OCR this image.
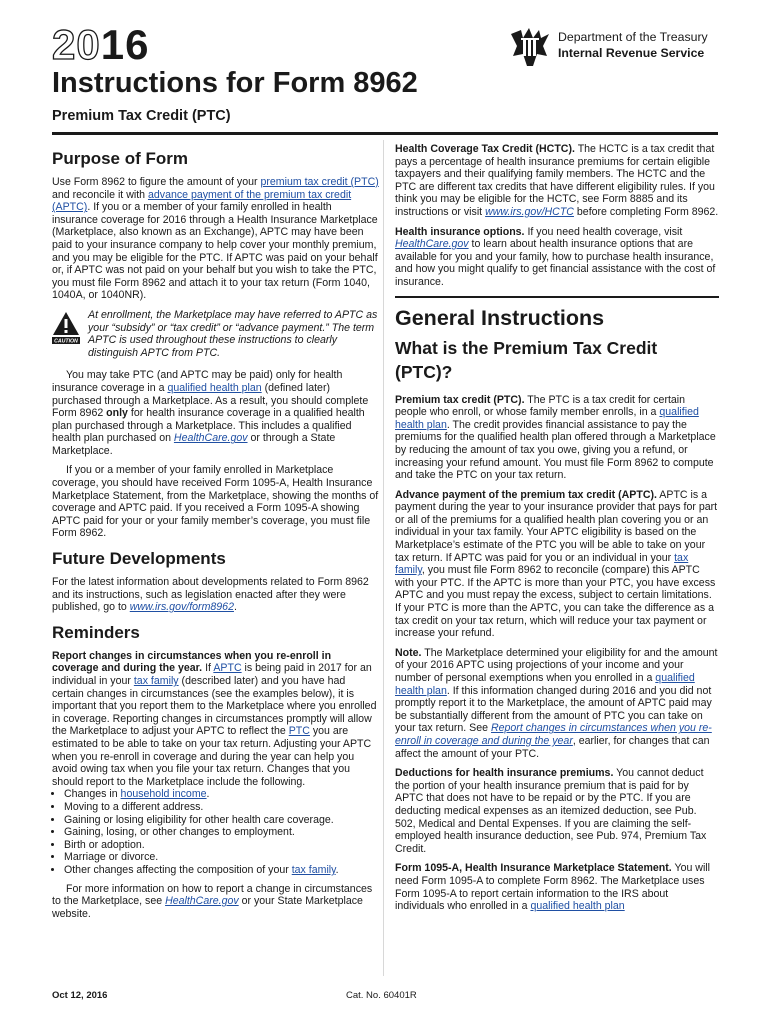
2016
Instructions for Form 8962
Premium Tax Credit (PTC)
Department of the Treasury
Internal Revenue Service
Purpose of Form

Use Form 8962 to figure the amount of your premium tax credit (PTC) and reconcile it with advance payment of the premium tax credit (APTC). If you or a member of your family enrolled in health insurance coverage for 2016 through a Health Insurance Marketplace (Marketplace, also known as an Exchange), APTC may have been paid to your insurance company to help cover your monthly premium, and you may be eligible for the PTC. If APTC was paid on your behalf or, if APTC was not paid on your behalf but you wish to take the PTC, you must file Form 8962 and attach it to your tax return (Form 1040, 1040A, or 1040NR).

CAUTION
At enrollment, the Marketplace may have referred to APTC as your “subsidy” or “tax credit” or “advance payment.” The term APTC is used throughout these instructions to clearly distinguish APTC from PTC.

You may take PTC (and APTC may be paid) only for health insurance coverage in a qualified health plan (defined later) purchased through a Marketplace. As a result, you should complete Form 8962 only for health insurance coverage in a qualified health plan purchased through a Marketplace. This includes a qualified health plan purchased on HealthCare.gov or through a State Marketplace.

If you or a member of your family enrolled in Marketplace coverage, you should have received Form 1095-A, Health Insurance Marketplace Statement, from the Marketplace, showing the months of coverage and APTC paid. If you received a Form 1095-A showing APTC paid for your or your family member’s coverage, you must file Form 8962.

Future Developments

For the latest information about developments related to Form 8962 and its instructions, such as legislation enacted after they were published, go to www.irs.gov/form8962.

Reminders

Report changes in circumstances when you re-enroll in coverage and during the year. If APTC is being paid in 2017 for an individual in your tax family (described later) and you have had certain changes in circumstances (see the examples below), it is important that you report them to the Marketplace where you enrolled in coverage. Reporting changes in circumstances promptly will allow the Marketplace to adjust your APTC to reflect the PTC you are estimated to be able to take on your tax return. Adjusting your APTC when you re-enroll in coverage and during the year can help you avoid owing tax when you file your tax return. Changes that you should report to the Marketplace include the following.

• Changes in household income.
• Moving to a different address.
• Gaining or losing eligibility for other health care coverage.
• Gaining, losing, or other changes to employment.
• Birth or adoption.
• Marriage or divorce.
• Other changes affecting the composition of your tax family.

For more information on how to report a change in circumstances to the Marketplace, see HealthCare.gov or your State Marketplace website.

Health Coverage Tax Credit (HCTC). The HCTC is a tax credit that pays a percentage of health insurance premiums for certain eligible taxpayers and their qualifying family members. The HCTC and the PTC are different tax credits that have different eligibility rules. If you think you may be eligible for the HCTC, see Form 8885 and its instructions or visit www.irs.gov/HCTC before completing Form 8962.

Health insurance options. If you need health coverage, visit HealthCare.gov to learn about health insurance options that are available for you and your family, how to purchase health insurance, and how you might qualify to get financial assistance with the cost of insurance.

General Instructions
What is the Premium Tax Credit (PTC)?

Premium tax credit (PTC). The PTC is a tax credit for certain people who enroll, or whose family member enrolls, in a qualified health plan. The credit provides financial assistance to pay the premiums for the qualified health plan offered through a Marketplace by reducing the amount of tax you owe, giving you a refund, or increasing your refund amount. You must file Form 8962 to compute and take the PTC on your tax return.

Advance payment of the premium tax credit (APTC). APTC is a payment during the year to your insurance provider that pays for part or all of the premiums for a qualified health plan covering you or an individual in your tax family. Your APTC eligibility is based on the Marketplace’s estimate of the PTC you will be able to take on your tax return. If APTC was paid for you or an individual in your tax family, you must file Form 8962 to reconcile (compare) this APTC with your PTC. If the APTC is more than your PTC, you have excess APTC and you must repay the excess, subject to certain limitations. If your PTC is more than the APTC, you can take the difference as a tax credit on your tax return, which will reduce your tax payment or increase your refund.

Note. The Marketplace determined your eligibility for and the amount of your 2016 APTC using projections of your income and your number of personal exemptions when you enrolled in a qualified health plan. If this information changed during 2016 and you did not promptly report it to the Marketplace, the amount of APTC paid may be substantially different from the amount of PTC you can take on your tax return. See Report changes in circumstances when you re-enroll in coverage and during the year, earlier, for changes that can affect the amount of your PTC.

Deductions for health insurance premiums. You cannot deduct the portion of your health insurance premium that is paid for by APTC that does not have to be repaid or by the PTC. If you are deducting medical expenses as an itemized deduction, see Pub. 502, Medical and Dental Expenses. If you are claiming the self-employed health insurance deduction, see Pub. 974, Premium Tax Credit.

Form 1095-A, Health Insurance Marketplace Statement. You will need Form 1095-A to complete Form 8962. The Marketplace uses Form 1095-A to report certain information to the IRS about individuals who enrolled in a qualified health plan

Oct 12, 2016	Cat. No. 60401R
